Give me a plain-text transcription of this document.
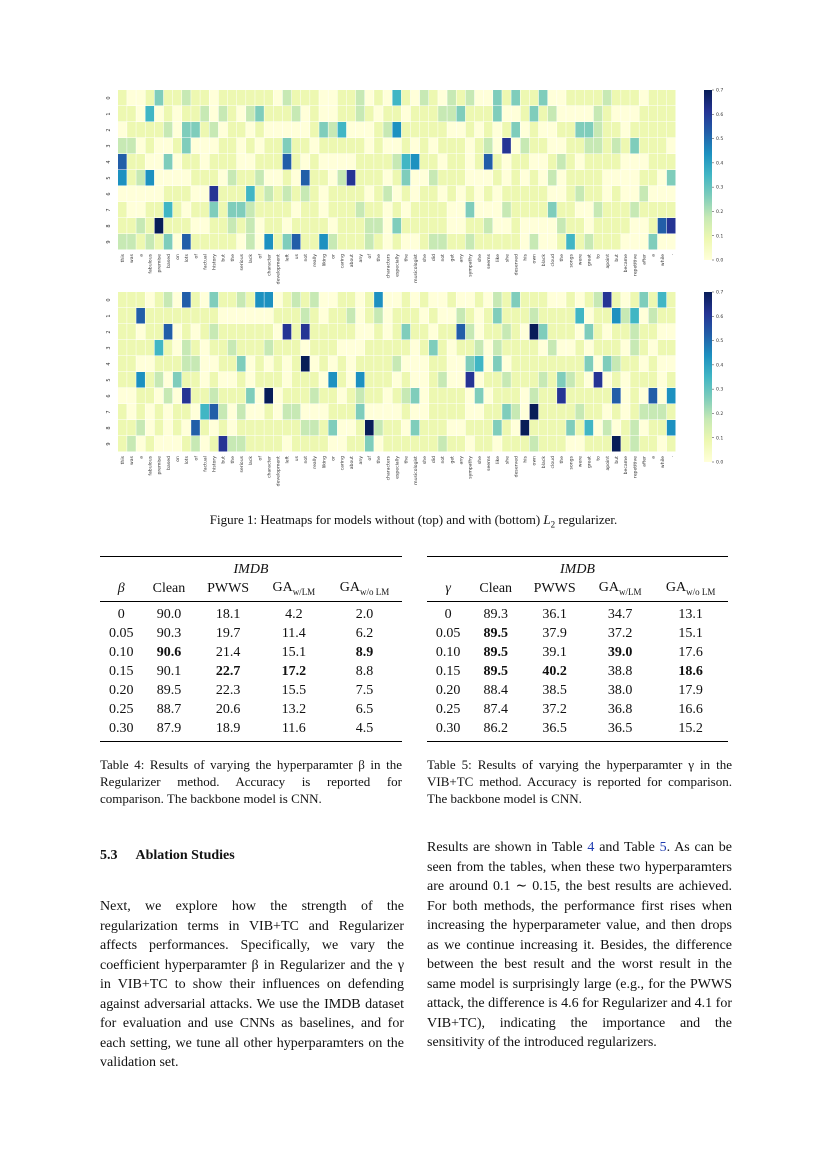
0
1
2
3
4
5
6
7
8
9
this was a fabulous premise based on lots of factual history but the serious lack of character development left us not really liking or caring about any of the characters especially the musicologist she did not get any sympathy she seems like she deserved his own black cloud the songs were great to apoint but became repetitive after a while .
0.7
0.6
0.5
0.4
0.3
0.2
0.1
0.0
0
1
2
3
4
5
6
7
8
9
this was a fabulous premise based on lots of factual history but the serious lack of character development left us not really liking or caring about any of the characters especially the musicologist she did not get any sympathy she seems like she deserved his own black cloud the songs were great to apoint but became repetitive after a while .
0.7
0.6
0.5
0.4
0.3
0.2
0.1
0.0
Figure 1: Heatmaps for models without (top) and with (bottom) $L_2$ regularizer.
IMDB				
β	Clean	PWWS	$GA_{w/LM}$	$GA_{w/o LM}$
0	90.0	18.1	4.2	2.0
0.05	90.3	19.7	11.4	6.2
0.10	90.6	21.4	15.1	8.9
0.15	90.1	22.7	17.2	8.8
0.20	89.5	22.3	15.5	7.5
0.25	88.7	20.6	13.2	6.5
0.30	87.9	18.9	11.6	4.5
Table 4: Results of varying the hyperparamter β in the Regularizer method. Accuracy is reported for comparison. The backbone model is CNN.
IMDB				
γ	Clean	PWWS	$GA_{w/LM}$	$GA_{w/o LM}$
0	89.3	36.1	34.7	13.1
0.05	89.5	37.9	37.2	15.1
0.10	89.5	39.1	39.0	17.6
0.15	89.5	40.2	38.8	18.6
0.20	88.4	38.5	38.0	17.9
0.25	87.4	37.2	36.8	16.6
0.30	86.2	36.5	36.5	15.2
Table 5: Results of varying the hyperparamter γ in the VIB+TC method. Accuracy is reported for comparison. The backbone model is CNN.
5.3 Ablation Studies
Next, we explore how the strength of the regularization terms in VIB+TC and Regularizer affects performances. Specifically, we vary the coefficient hyperparamter β in Regularizer and the γ in VIB+TC to show their influences on defending against adversarial attacks. We use the IMDB dataset for evaluation and use CNNs as baselines, and for each setting, we tune all other hyperparamters on the validation set.
Results are shown in Table 4 and Table 5. As can be seen from the tables, when these two hyperparamters are around 0.1 ∼ 0.15, the best results are achieved. For both methods, the performance first rises when increasing the hyperparameter value, and then drops as we continue increasing it. Besides, the difference between the best result and the worst result in the same model is surprisingly large (e.g., for the PWWS attack, the difference is 4.6 for Regularizer and 4.1 for VIB+TC), indicating the importance and the sensitivity of the introduced regularizers.
